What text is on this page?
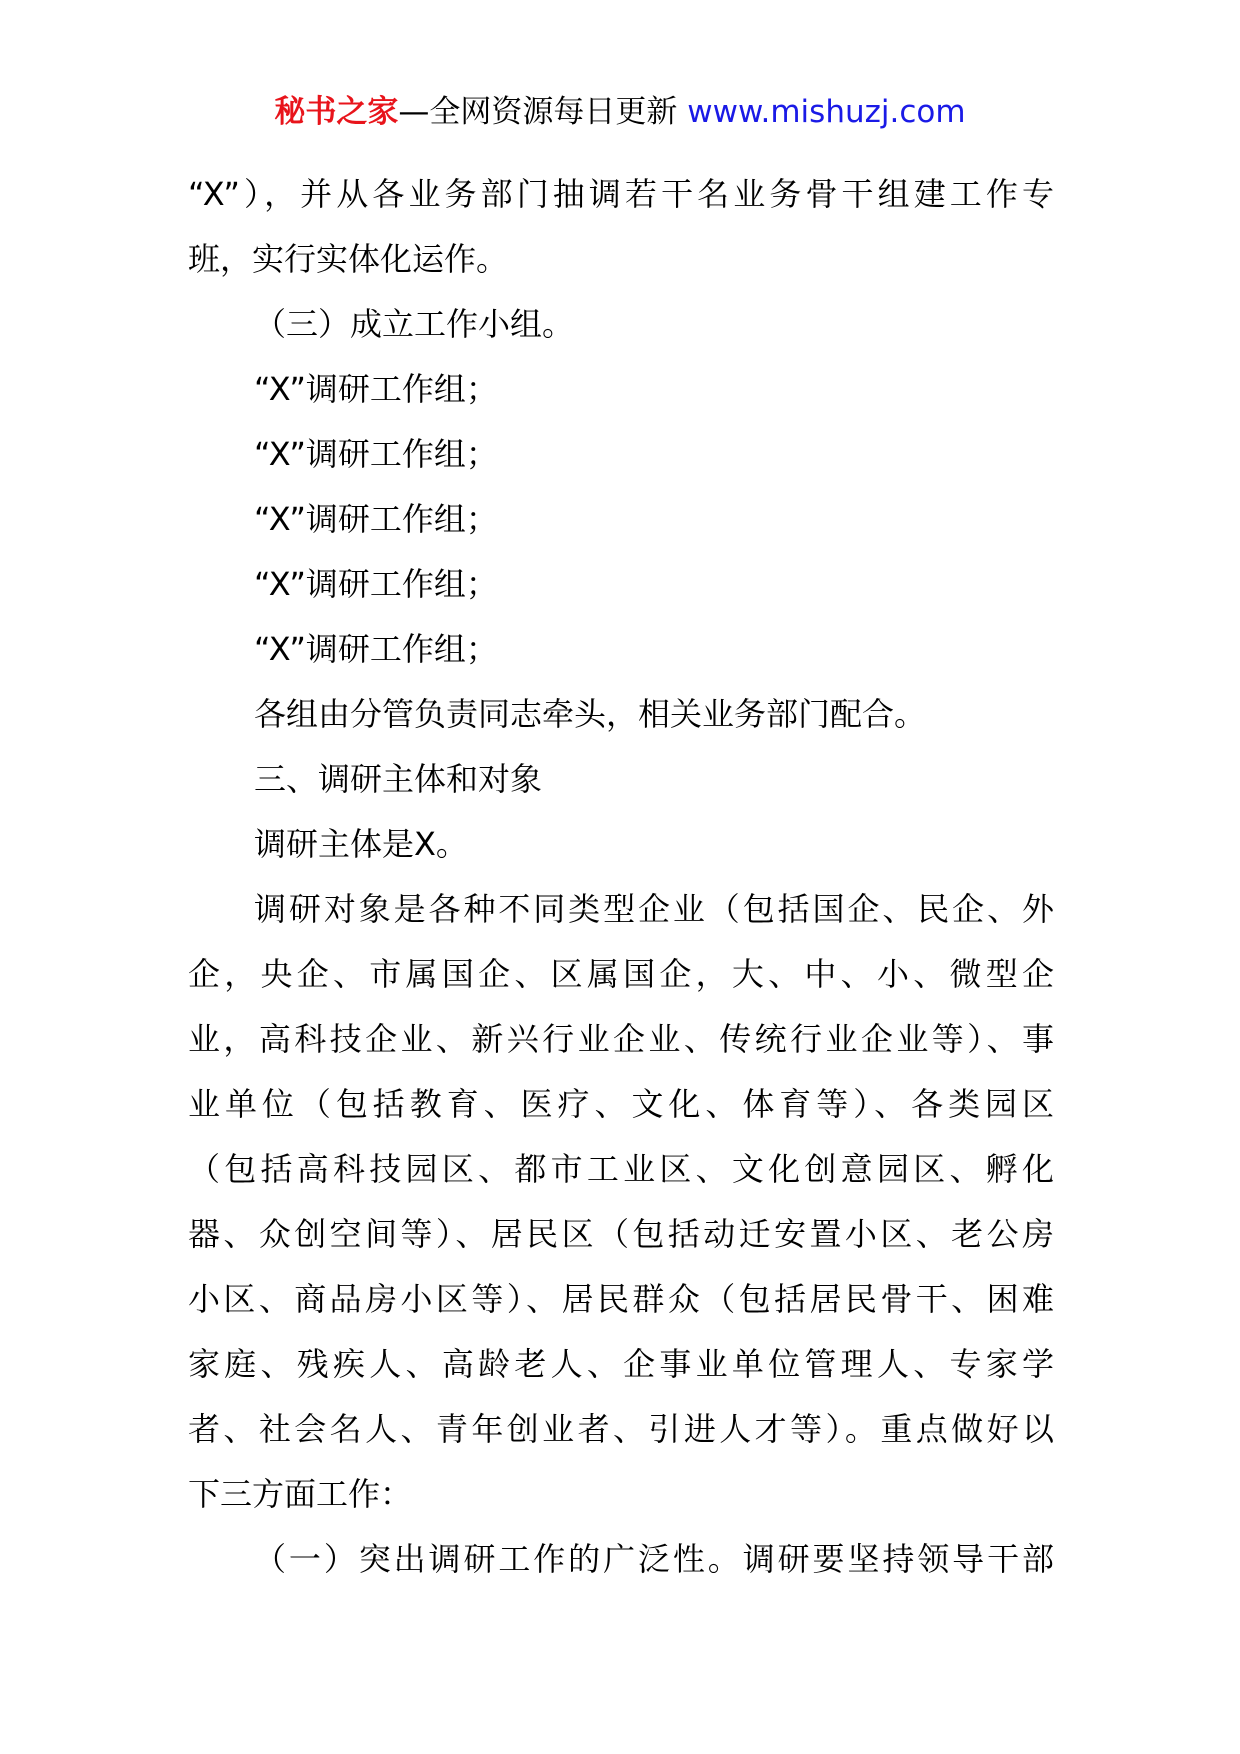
秘书之家—全网资源每日更新 www.mishuzj.com
“X”），并从各业务部门抽调若干名业务骨干组建工作专
班，实行实体化运作。
（三）成立工作小组。
“X”调研工作组；
“X”调研工作组；
“X”调研工作组；
“X”调研工作组；
“X”调研工作组；
各组由分管负责同志牵头，相关业务部门配合。
三、调研主体和对象
调研主体是X。
调研对象是各种不同类型企业（包括国企、民企、外
企，央企、市属国企、区属国企，大、中、小、微型企
业，高科技企业、新兴行业企业、传统行业企业等）、事
业单位（包括教育、医疗、文化、体育等）、各类园区
（包括高科技园区、都市工业区、文化创意园区、孵化
器、众创空间等）、居民区（包括动迁安置小区、老公房
小区、商品房小区等）、居民群众（包括居民骨干、困难
家庭、残疾人、高龄老人、企事业单位管理人、专家学
者、社会名人、青年创业者、引进人才等）。重点做好以
下三方面工作：
（一）突出调研工作的广泛性。调研要坚持领导干部
